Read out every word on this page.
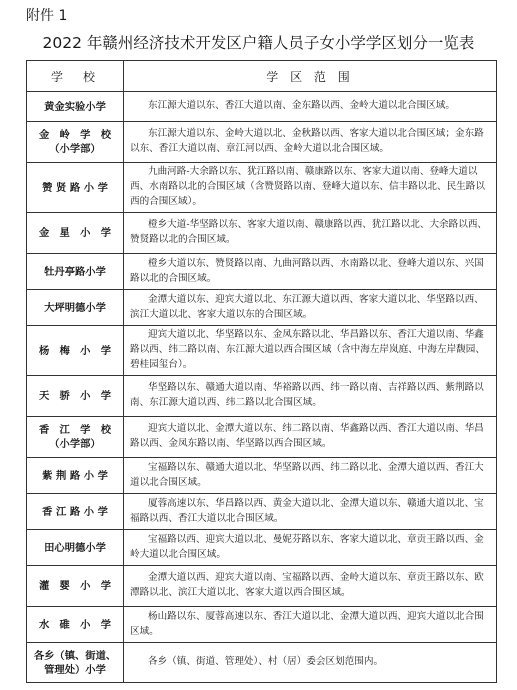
附件 1
2022 年赣州经济技术开发区户籍人员子女小学学区划分一览表
学　校	学 区 范 围

黄金实验小学	东江源大道以东、香江大道以南、金东路以西、金岭大道以北合围区域。

金　岭　学　校
（小学部）	东江源大道以东、金岭大道以北、金秋路以西、客家大道以北合围区域；金东路以东、香江大道以南、章江河以西、金岭大道以北合围区域。

赞 贤 路 小 学	九曲河路-大余路以东、犹江路以南、赣康路以东、客家大道以南、登峰大道以西、水南路以北的合围区域（含赞贤路以南、登峰大道以东、信丰路以北、民生路以西的合围区域）。

金　星　小　学	橙乡大道-华坚路以东、客家大道以南、赣康路以西、犹江路以北、大余路以西、赞贤路以北的合围区域。

牡丹亭路小学	橙乡大道以东、赞贤路以南、九曲河路以西、水南路以北、登峰大道以东、兴国路以北的合围区域。

大坪明德小学	金潭大道以东、迎宾大道以北、东江源大道以西、客家大道以北、华坚路以西、滨江大道以北、客家大道以东的合围区域。

杨　梅　小　学	迎宾大道以北、华坚路以东、金凤东路以北、华昌路以东、香江大道以南、华鑫路以西、纬二路以南、东江源大道以西合围区域（含中海左岸岚庭、中海左岸馥园、碧桂园玺台）。

天　骄　小　学	华坚路以东、赣通大道以南、华裕路以西、纬一路以南、吉祥路以西、紫荆路以南、东江源大道以西、纬二路以北合围区域。

香　江　学　校
（小学部）	迎宾大道以北、金潭大道以东、纬二路以南、华鑫路以西、香江大道以南、华昌路以西、金凤东路以南、华坚路以西合围区域。

紫 荆 路 小 学	宝福路以东、赣通大道以北、华坚路以西、纬二路以北、金潭大道以西、香江大道以北合围区域。

香 江 路 小 学	厦蓉高速以东、华昌路以西、黄金大道以北、金潭大道以东、赣通大道以北、宝福路以西、香江大道以北合围区域。

田心明德小学	宝福路以西、迎宾大道以北、曼妮芬路以东、客家大道以北、章贡王路以西、金岭大道以北合围区域。

灌　婴　小　学	金潭大道以西、迎宾大道以南、宝福路以西、金岭大道以东、章贡王路以东、欧潭路以北、滨江大道以北、客家大道以西合围区域。

水　碓　小　学	杨山路以东、厦蓉高速以东、香江大道以北、金潭大道以西、迎宾大道以北合围区域。

各乡（镇、街道、
管理处）小学	各乡（镇、街道、管理处）、村（居）委会区划范围内。
